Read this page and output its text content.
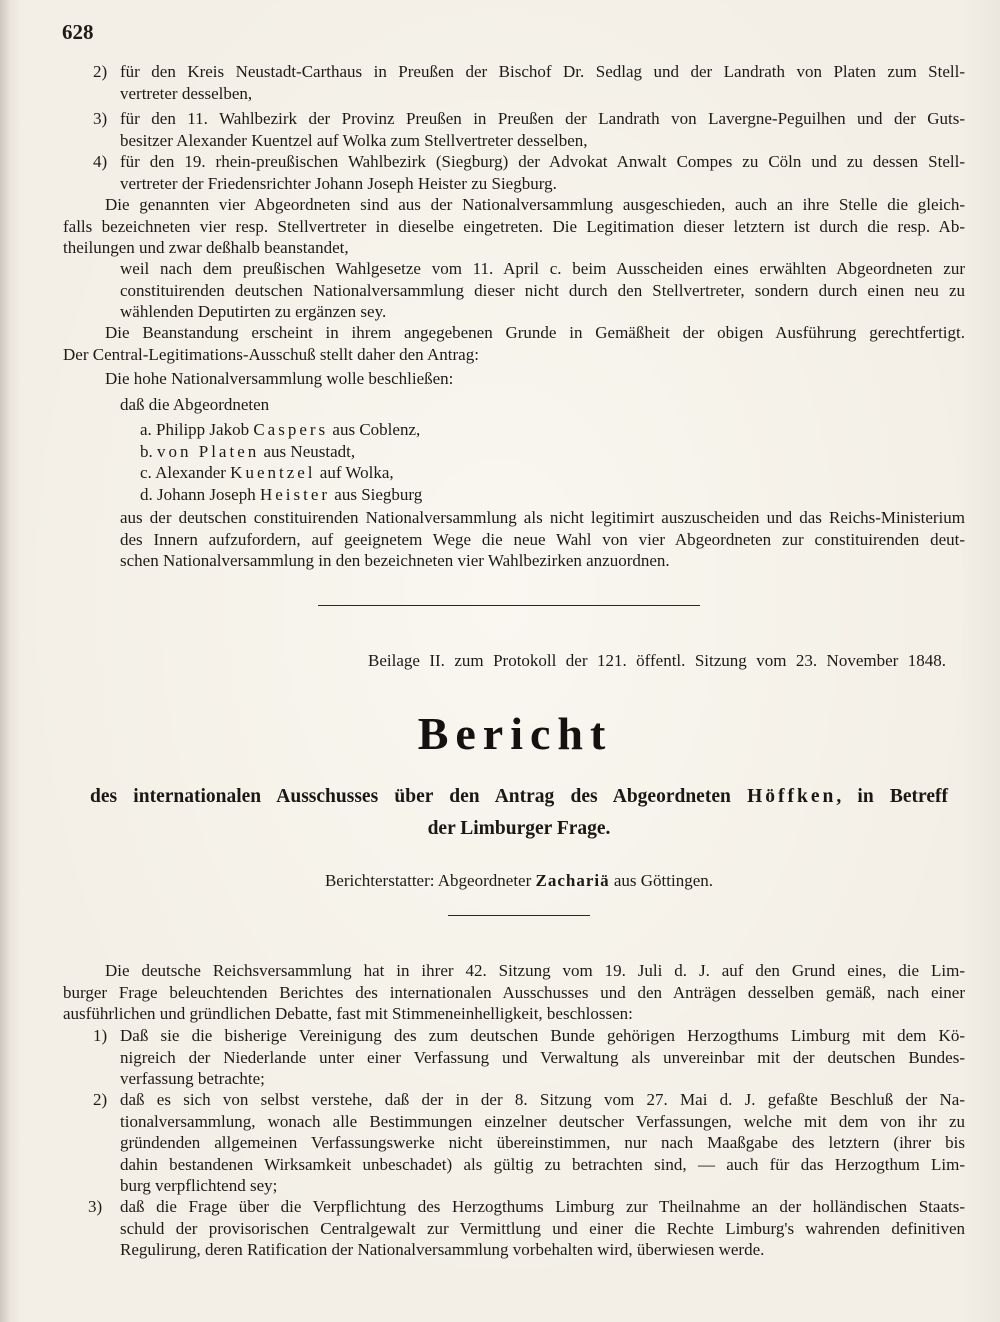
628
2) für den Kreis Neustadt-Carthaus in Preußen der Bischof Dr. Sedlag und der Landrath von Platen zum Stell-
vertreter desselben,
3) für den 11. Wahlbezirk der Provinz Preußen in Preußen der Landrath von Lavergne-Peguilhen und der Guts-
besitzer Alexander Kuentzel auf Wolka zum Stellvertreter desselben,
4) für den 19. rhein-preußischen Wahlbezirk (Siegburg) der Advokat Anwalt Compes zu Cöln und zu dessen Stell-
vertreter der Friedensrichter Johann Joseph Heister zu Siegburg.
Die genannten vier Abgeordneten sind aus der Nationalversammlung ausgeschieden, auch an ihre Stelle die gleich-
falls bezeichneten vier resp. Stellvertreter in dieselbe eingetreten. Die Legitimation dieser letztern ist durch die resp. Ab-
theilungen und zwar deßhalb beanstandet,
weil nach dem preußischen Wahlgesetze vom 11. April c. beim Ausscheiden eines erwählten Abgeordneten zur
constituirenden deutschen Nationalversammlung dieser nicht durch den Stellvertreter, sondern durch einen neu zu
wählenden Deputirten zu ergänzen sey.
Die Beanstandung erscheint in ihrem angegebenen Grunde in Gemäßheit der obigen Ausführung gerechtfertigt.
Der Central-Legitimations-Ausschuß stellt daher den Antrag:
Die hohe Nationalversammlung wolle beschließen:
daß die Abgeordneten
a. Philipp Jakob Caspers aus Coblenz,
b. von Platen aus Neustadt,
c. Alexander Kuentzel auf Wolka,
d. Johann Joseph Heister aus Siegburg
aus der deutschen constituirenden Nationalversammlung als nicht legitimirt auszuscheiden und das Reichs-Ministerium
des Innern aufzufordern, auf geeignetem Wege die neue Wahl von vier Abgeordneten zur constituirenden deut-
schen Nationalversammlung in den bezeichneten vier Wahlbezirken anzuordnen.
Beilage II. zum Protokoll der 121. öffentl. Sitzung vom 23. November 1848.
Bericht
des internationalen Ausschusses über den Antrag des Abgeordneten Höffken, in Betreff
der Limburger Frage.
Berichterstatter: Abgeordneter Zachariä aus Göttingen.
Die deutsche Reichsversammlung hat in ihrer 42. Sitzung vom 19. Juli d. J. auf den Grund eines, die Lim-
burger Frage beleuchtenden Berichtes des internationalen Ausschusses und den Anträgen desselben gemäß, nach einer
ausführlichen und gründlichen Debatte, fast mit Stimmeneinhelligkeit, beschlossen:
1) Daß sie die bisherige Vereinigung des zum deutschen Bunde gehörigen Herzogthums Limburg mit dem Kö-
nigreich der Niederlande unter einer Verfassung und Verwaltung als unvereinbar mit der deutschen Bundes-
verfassung betrachte;
2) daß es sich von selbst verstehe, daß der in der 8. Sitzung vom 27. Mai d. J. gefaßte Beschluß der Na-
tionalversammlung, wonach alle Bestimmungen einzelner deutscher Verfassungen, welche mit dem von ihr zu
gründenden allgemeinen Verfassungswerke nicht übereinstimmen, nur nach Maaßgabe des letztern (ihrer bis
dahin bestandenen Wirksamkeit unbeschadet) als gültig zu betrachten sind, — auch für das Herzogthum Lim-
burg verpflichtend sey;
3) daß die Frage über die Verpflichtung des Herzogthums Limburg zur Theilnahme an der holländischen Staats-
schuld der provisorischen Centralgewalt zur Vermittlung und einer die Rechte Limburg's wahrenden definitiven
Regulirung, deren Ratification der Nationalversammlung vorbehalten wird, überwiesen werde.
